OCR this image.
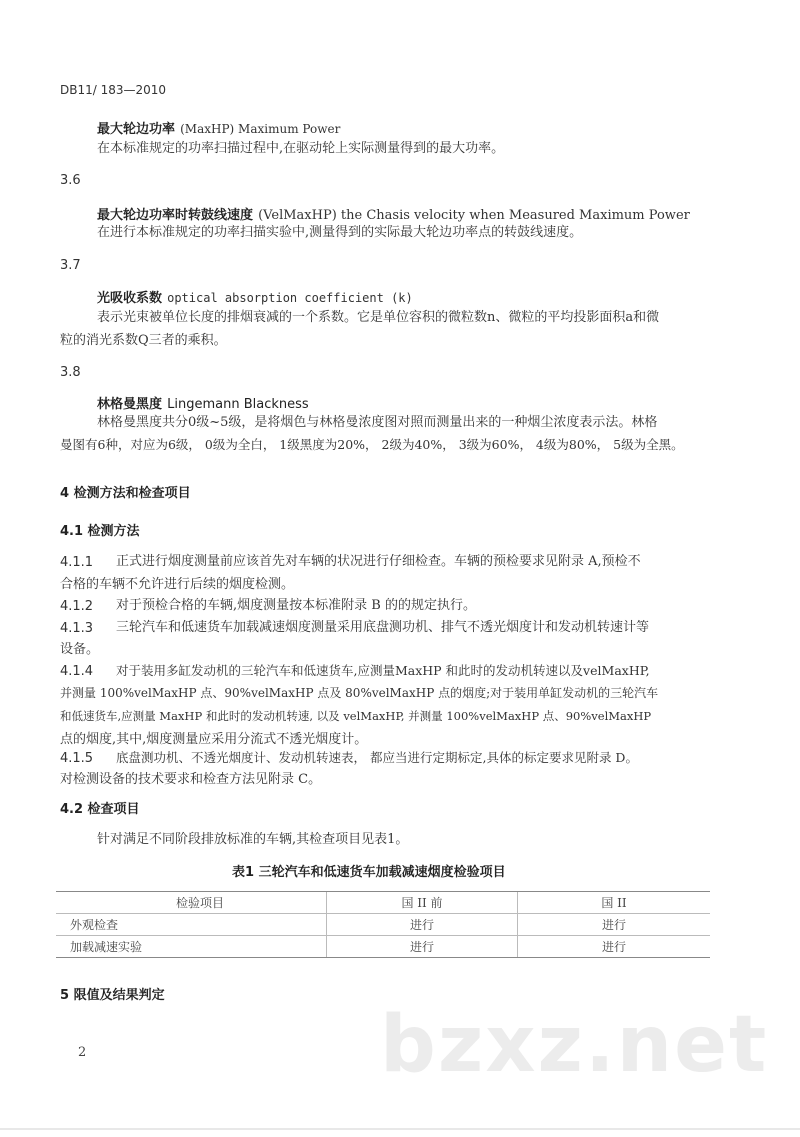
DB11/ 183—2010
最大轮边功率 (MaxHP) Maximum Power
在本标准规定的功率扫描过程中,在驱动轮上实际测量得到的最大功率。
3.6
最大轮边功率时转鼓线速度 (VelMaxHP) the Chasis velocity when Measured Maximum Power
在进行本标准规定的功率扫描实验中,测量得到的实际最大轮边功率点的转鼓线速度。
3.7
光吸收系数 optical absorption coefficient (k)
表示光束被单位长度的排烟衰减的一个系数。它是单位容积的微粒数n、微粒的平均投影面积a和微
粒的消光系数Q三者的乘积。
3.8
林格曼黑度 Lingemann Blackness
林格曼黑度共分0级~5级，是将烟色与林格曼浓度图对照而测量出来的一种烟尘浓度表示法。林格
曼图有6种，对应为6级， 0级为全白， 1级黑度为20%， 2级为40%， 3级为60%， 4级为80%， 5级为全黑。
4 检测方法和检查项目
4.1 检测方法
4.1.1 正式进行烟度测量前应该首先对车辆的状况进行仔细检查。车辆的预检要求见附录 A,预检不
合格的车辆不允许进行后续的烟度检测。
4.1.2 对于预检合格的车辆,烟度测量按本标准附录 B 的的规定执行。
4.1.3 三轮汽车和低速货车加载减速烟度测量采用底盘测功机、排气不透光烟度计和发动机转速计等
设备。
4.1.4 对于装用多缸发动机的三轮汽车和低速货车,应测量MaxHP 和此时的发动机转速以及velMaxHP,
并测量 100%velMaxHP 点、90%velMaxHP 点及 80%velMaxHP 点的烟度;对于装用单缸发动机的三轮汽车
和低速货车,应测量 MaxHP 和此时的发动机转速, 以及 velMaxHP, 并测量 100%velMaxHP 点、90%velMaxHP
点的烟度,其中,烟度测量应采用分流式不透光烟度计。
4.1.5 底盘测功机、不透光烟度计、发动机转速表， 都应当进行定期标定,具体的标定要求见附录 D。
对检测设备的技术要求和检查方法见附录 C。
4.2 检查项目
针对满足不同阶段排放标准的车辆,其检查项目见表1。
表1 三轮汽车和低速货车加载减速烟度检验项目
检验项目	国 II 前	国 II
外观检查	进行	进行
加载减速实验	进行	进行
5 限值及结果判定
bzxz.net
2
